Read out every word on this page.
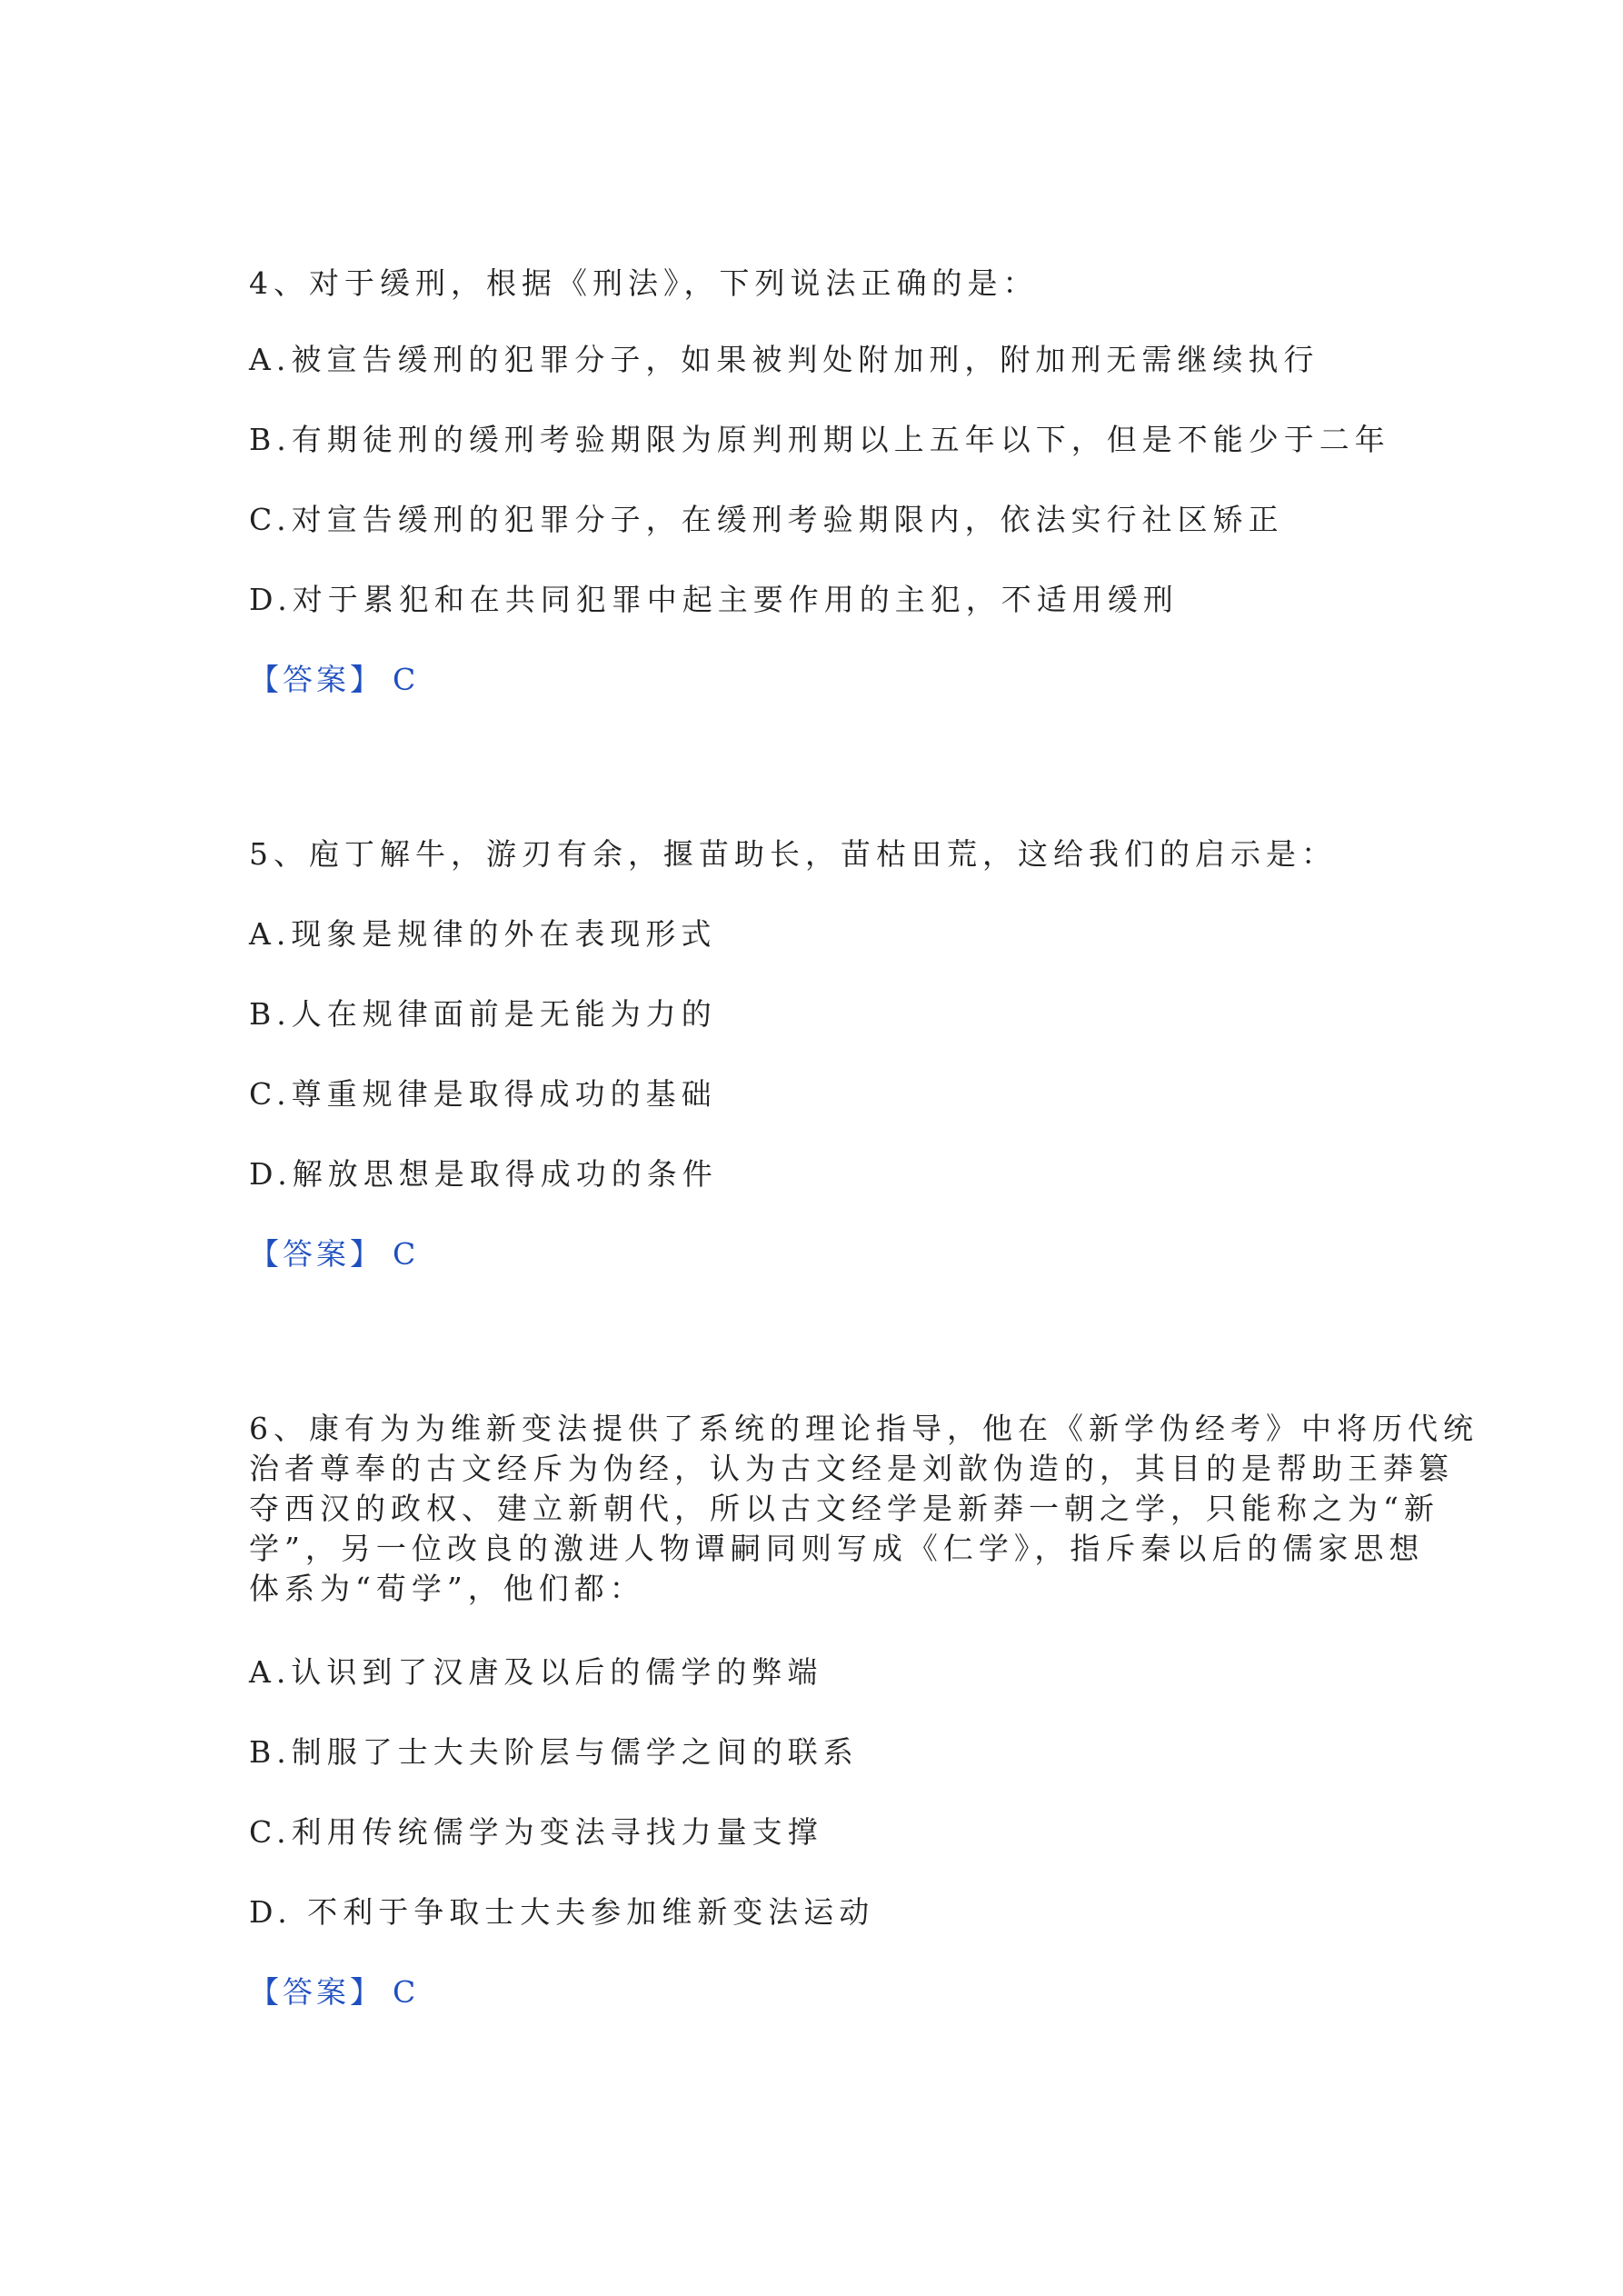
4、对于缓刑，根据《刑法》，下列说法正确的是：
A.被宣告缓刑的犯罪分子，如果被判处附加刑，附加刑无需继续执行
B.有期徒刑的缓刑考验期限为原判刑期以上五年以下，但是不能少于二年
C.对宣告缓刑的犯罪分子，在缓刑考验期限内，依法实行社区矫正
D.对于累犯和在共同犯罪中起主要作用的主犯，不适用缓刑
【答案】 C
5、庖丁解牛，游刃有余，揠苗助长，苗枯田荒，这给我们的启示是：
A.现象是规律的外在表现形式
B.人在规律面前是无能为力的
C.尊重规律是取得成功的基础
D.解放思想是取得成功的条件
【答案】 C
6、康有为为维新变法提供了系统的理论指导，他在《新学伪经考》中将历代统
治者尊奉的古文经斥为伪经，认为古文经是刘歆伪造的，其目的是帮助王莽篡
夺西汉的政权、建立新朝代，所以古文经学是新莽一朝之学，只能称之为“新
学”，另一位改良的激进人物谭嗣同则写成《仁学》，指斥秦以后的儒家思想
体系为“荀学”，他们都：
A.认识到了汉唐及以后的儒学的弊端
B.制服了士大夫阶层与儒学之间的联系
C.利用传统儒学为变法寻找力量支撑
D. 不利于争取士大夫参加维新变法运动
【答案】 C
